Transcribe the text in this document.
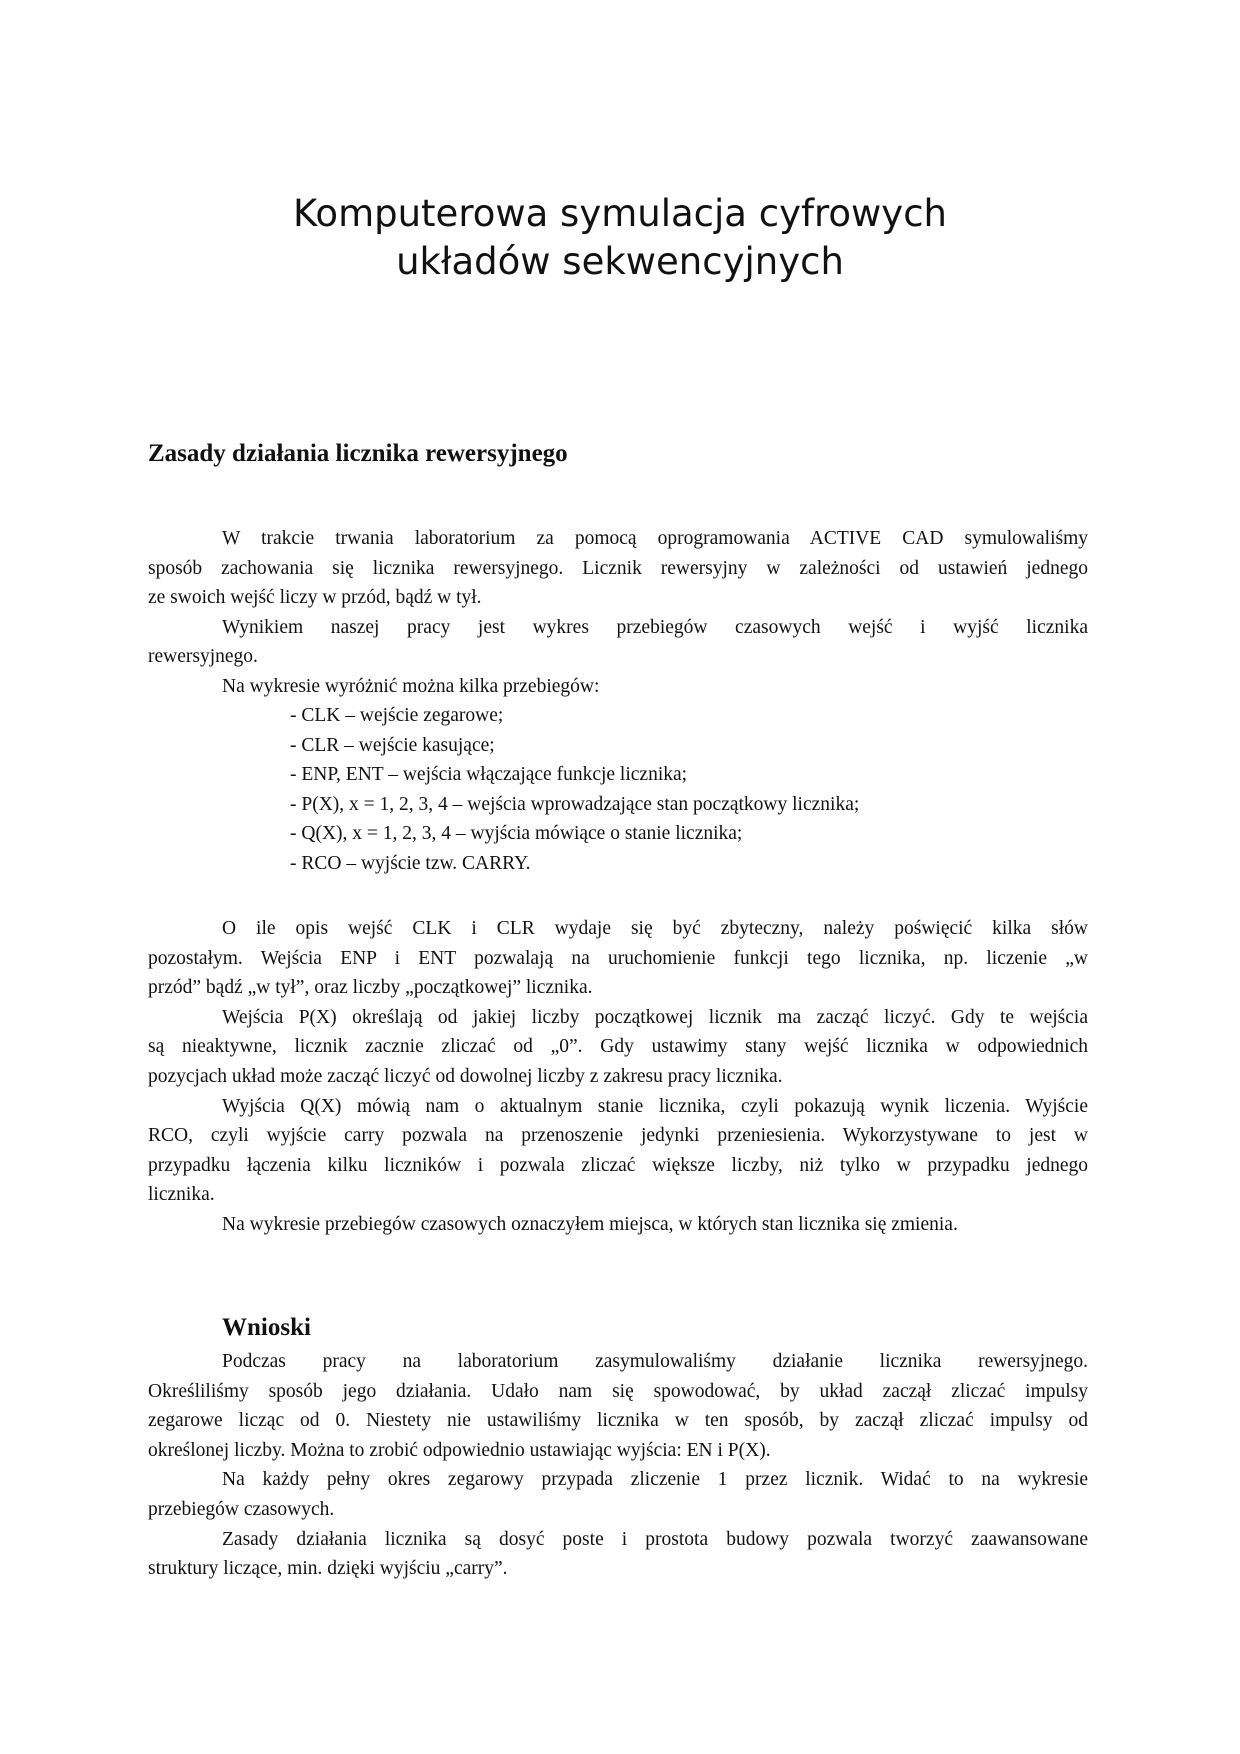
Komputerowa symulacja cyfrowych
układów sekwencyjnych
Zasady działania licznika rewersyjnego
W trakcie trwania laboratorium za pomocą oprogramowania ACTIVE CAD symulowaliśmy
sposób zachowania się licznika rewersyjnego. Licznik rewersyjny w zależności od ustawień jednego
ze swoich wejść liczy w przód, bądź w tył.
Wynikiem naszej pracy jest wykres przebiegów czasowych wejść i wyjść licznika
rewersyjnego.
Na wykresie wyróżnić można kilka przebiegów:
- CLK – wejście zegarowe;
- CLR – wejście kasujące;
- ENP, ENT – wejścia włączające funkcje licznika;
- P(X), x = 1, 2, 3, 4 – wejścia wprowadzające stan początkowy licznika;
- Q(X), x = 1, 2, 3, 4 – wyjścia mówiące o stanie licznika;
- RCO – wyjście tzw. CARRY.
O ile opis wejść CLK i CLR wydaje się być zbyteczny, należy poświęcić kilka słów
pozostałym. Wejścia ENP i ENT pozwalają na uruchomienie funkcji tego licznika, np. liczenie „w
przód” bądź „w tył”, oraz liczby „początkowej” licznika.
Wejścia P(X) określają od jakiej liczby początkowej licznik ma zacząć liczyć. Gdy te wejścia
są nieaktywne, licznik zacznie zliczać od „0”. Gdy ustawimy stany wejść licznika w odpowiednich
pozycjach układ może zacząć liczyć od dowolnej liczby z zakresu pracy licznika.
Wyjścia Q(X) mówią nam o aktualnym stanie licznika, czyli pokazują wynik liczenia. Wyjście
RCO, czyli wyjście carry pozwala na przenoszenie jedynki przeniesienia. Wykorzystywane to jest w
przypadku łączenia kilku liczników i pozwala zliczać większe liczby, niż tylko w przypadku jednego
licznika.
Na wykresie przebiegów czasowych oznaczyłem miejsca, w których stan licznika się zmienia.
Wnioski
Podczas pracy na laboratorium zasymulowaliśmy działanie licznika rewersyjnego.
Określiliśmy sposób jego działania. Udało nam się spowodować, by układ zaczął zliczać impulsy
zegarowe licząc od 0. Niestety nie ustawiliśmy licznika w ten sposób, by zaczął zliczać impulsy od
określonej liczby. Można to zrobić odpowiednio ustawiając wyjścia: EN i P(X).
Na każdy pełny okres zegarowy przypada zliczenie 1 przez licznik. Widać to na wykresie
przebiegów czasowych.
Zasady działania licznika są dosyć poste i prostota budowy pozwala tworzyć zaawansowane
struktury liczące, min. dzięki wyjściu „carry”.
